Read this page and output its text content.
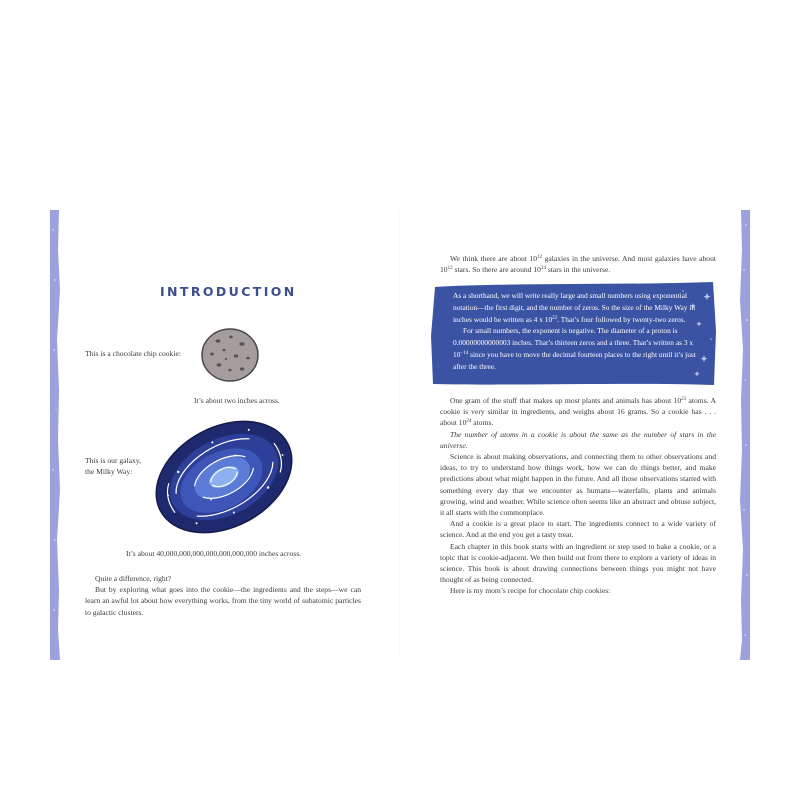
INTRODUCTION
This is a chocolate chip cookie:
It’s about two inches across.
This is our galaxy,
the Milky Way:
It’s about 40,000,000,000,000,000,000,000 inches across.

Quite a difference, right?

But by exploring what goes into the cookie—the ingredients and the steps—we can learn an awful lot about how everything works, from the tiny world of subatomic particles to galactic clusters.

We think there are about $10^{12}$ galaxies in the universe. And most galaxies have about $10^{12}$ stars. So there are around $10^{24}$ stars in the universe.

As a shorthand, we will write really large and small numbers using exponential notation—the first digit, and the number of zeros. So the size of the Milky Way in inches would be written as 4 x $10^{22}$. That’s four followed by twenty-two zeros.

For small numbers, the exponent is negative. The diameter of a proton is 0.00000000000003 inches. That’s thirteen zeros and a three. That’s written as 3 x $10^{-14}$ since you have to move the decimal fourteen places to the right until it’s just after the three.

One gram of the stuff that makes up most plants and animals has about $10^{23}$ atoms. A cookie is very similar in ingredients, and weighs about 16 grams. So a cookie has . . . about $10^{24}$ atoms.

The number of atoms in a cookie is about the same as the number of stars in the universe.

Science is about making observations, and connecting them to other observations and ideas, to try to understand how things work, how we can do things better, and make predictions about what might happen in the future. And all those observations started with something every day that we encounter as humans—waterfalls, plants and animals growing, wind and weather. While science often seems like an abstract and obtuse subject, it all starts with the commonplace.

And a cookie is a great place to start. The ingredients connect to a wide variety of science. And at the end you get a tasty treat.

Each chapter in this book starts with an ingredient or step used to bake a cookie, or a topic that is cookie-adjacent. We then build out from there to explore a variety of ideas in science. This book is about drawing connections between things you might not have thought of as being connected.

Here is my mom’s recipe for chocolate chip cookies:
